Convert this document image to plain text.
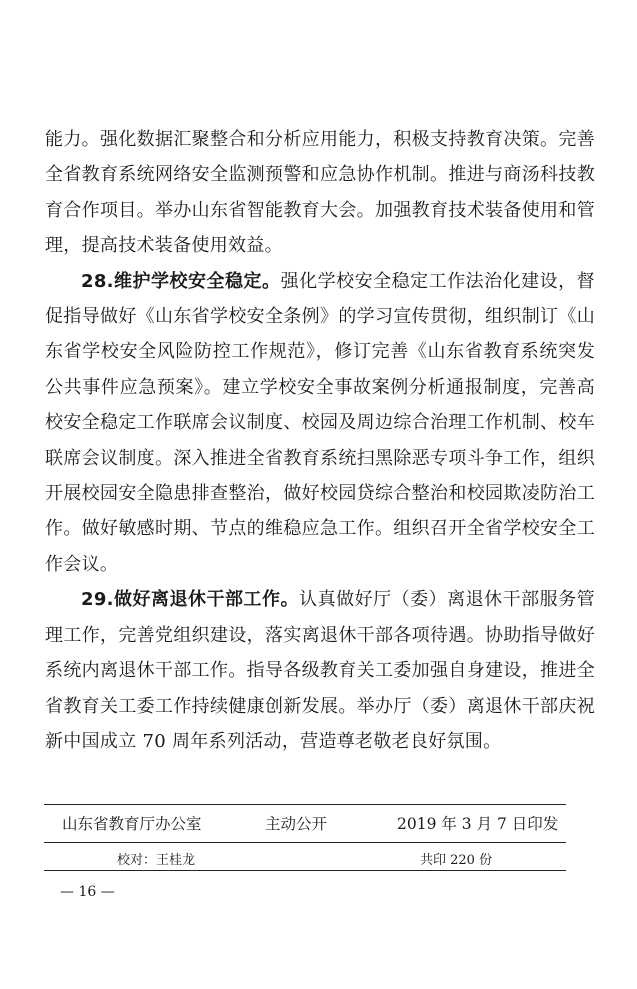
能力。强化数据汇聚整合和分析应用能力，积极支持教育决策。完善全省教育系统网络安全监测预警和应急协作机制。推进与商汤科技教育合作项目。举办山东省智能教育大会。加强教育技术装备使用和管理，提高技术装备使用效益。

28.维护学校安全稳定。强化学校安全稳定工作法治化建设，督促指导做好《山东省学校安全条例》的学习宣传贯彻，组织制订《山东省学校安全风险防控工作规范》，修订完善《山东省教育系统突发公共事件应急预案》。建立学校安全事故案例分析通报制度，完善高校安全稳定工作联席会议制度、校园及周边综合治理工作机制、校车联席会议制度。深入推进全省教育系统扫黑除恶专项斗争工作，组织开展校园安全隐患排查整治，做好校园贷综合整治和校园欺凌防治工作。做好敏感时期、节点的维稳应急工作。组织召开全省学校安全工作会议。

29.做好离退休干部工作。认真做好厅（委）离退休干部服务管理工作，完善党组织建设，落实离退休干部各项待遇。协助指导做好系统内离退休干部工作。指导各级教育关工委加强自身建设，推进全省教育关工委工作持续健康创新发展。举办厅（委）离退休干部庆祝新中国成立 70 周年系列活动，营造尊老敬老良好氛围。

山东省教育厅办公室	主动公开	2019 年 3 月 7 日印发
校对：王桂龙	共印 220 份
— 16 —
